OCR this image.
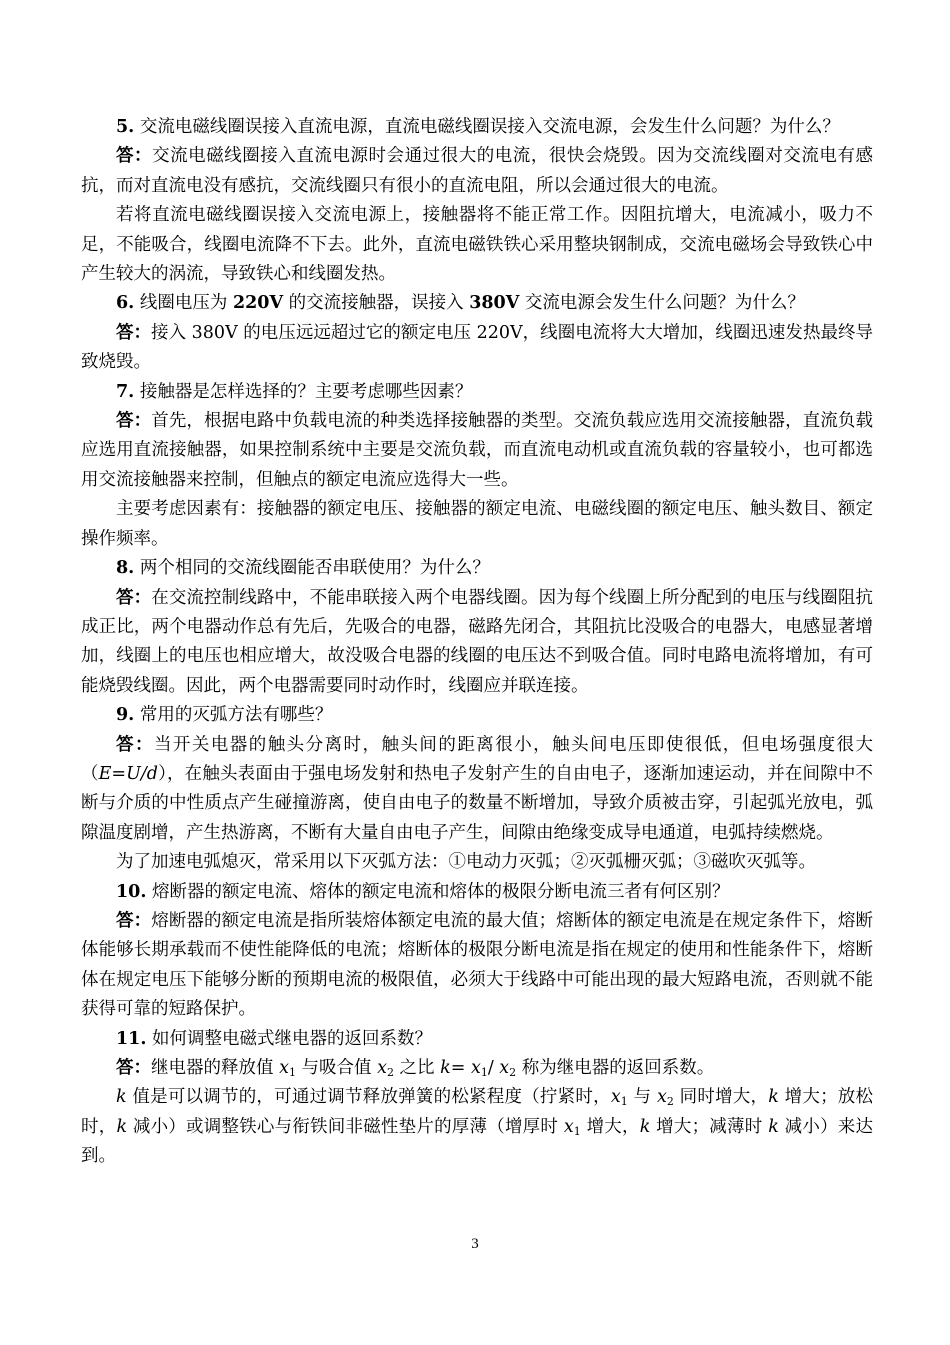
5. 交流电磁线圈误接入直流电源，直流电磁线圈误接入交流电源，会发生什么问题？为什么？

答：交流电磁线圈接入直流电源时会通过很大的电流，很快会烧毁。因为交流线圈对交流电有感抗，而对直流电没有感抗，交流线圈只有很小的直流电阻，所以会通过很大的电流。

若将直流电磁线圈误接入交流电源上，接触器将不能正常工作。因阻抗增大，电流减小，吸力不足，不能吸合，线圈电流降不下去。此外，直流电磁铁铁心采用整块钢制成，交流电磁场会导致铁心中产生较大的涡流，导致铁心和线圈发热。

6. 线圈电压为 220V 的交流接触器，误接入 380V 交流电源会发生什么问题？为什么？

答：接入 380V 的电压远远超过它的额定电压 220V，线圈电流将大大增加，线圈迅速发热最终导致烧毁。

7. 接触器是怎样选择的？主要考虑哪些因素？

答：首先，根据电路中负载电流的种类选择接触器的类型。交流负载应选用交流接触器，直流负载应选用直流接触器，如果控制系统中主要是交流负载，而直流电动机或直流负载的容量较小，也可都选用交流接触器来控制，但触点的额定电流应选得大一些。

主要考虑因素有：接触器的额定电压、接触器的额定电流、电磁线圈的额定电压、触头数目、额定操作频率。

8. 两个相同的交流线圈能否串联使用？为什么？

答：在交流控制线路中，不能串联接入两个电器线圈。因为每个线圈上所分配到的电压与线圈阻抗成正比，两个电器动作总有先后，先吸合的电器，磁路先闭合，其阻抗比没吸合的电器大，电感显著增加，线圈上的电压也相应增大，故没吸合电器的线圈的电压达不到吸合值。同时电路电流将增加，有可能烧毁线圈。因此，两个电器需要同时动作时，线圈应并联连接。

9. 常用的灭弧方法有哪些？

答：当开关电器的触头分离时，触头间的距离很小，触头间电压即使很低，但电场强度很大（E=U/d），在触头表面由于强电场发射和热电子发射产生的自由电子，逐渐加速运动，并在间隙中不断与介质的中性质点产生碰撞游离，使自由电子的数量不断增加，导致介质被击穿，引起弧光放电，弧隙温度剧增，产生热游离，不断有大量自由电子产生，间隙由绝缘变成导电通道，电弧持续燃烧。

为了加速电弧熄灭，常采用以下灭弧方法：①电动力灭弧；②灭弧栅灭弧；③磁吹灭弧等。

10. 熔断器的额定电流、熔体的额定电流和熔体的极限分断电流三者有何区别？

答：熔断器的额定电流是指所装熔体额定电流的最大值；熔断体的额定电流是在规定条件下，熔断体能够长期承载而不使性能降低的电流；熔断体的极限分断电流是指在规定的使用和性能条件下，熔断体在规定电压下能够分断的预期电流的极限值，必须大于线路中可能出现的最大短路电流，否则就不能获得可靠的短路保护。

11. 如何调整电磁式继电器的返回系数？

答：继电器的释放值 $x_1$ 与吸合值 $x_2$ 之比 $k= x_1/$ $x_2$ 称为继电器的返回系数。

k 值是可以调节的，可通过调节释放弹簧的松紧程度（拧紧时，$x_1$ 与 $x_2$ 同时增大，k 增大；放松时，k 减小）或调整铁心与衔铁间非磁性垫片的厚薄（增厚时 $x_1$ 增大，k 增大；减薄时 k 减小）来达到。

3
